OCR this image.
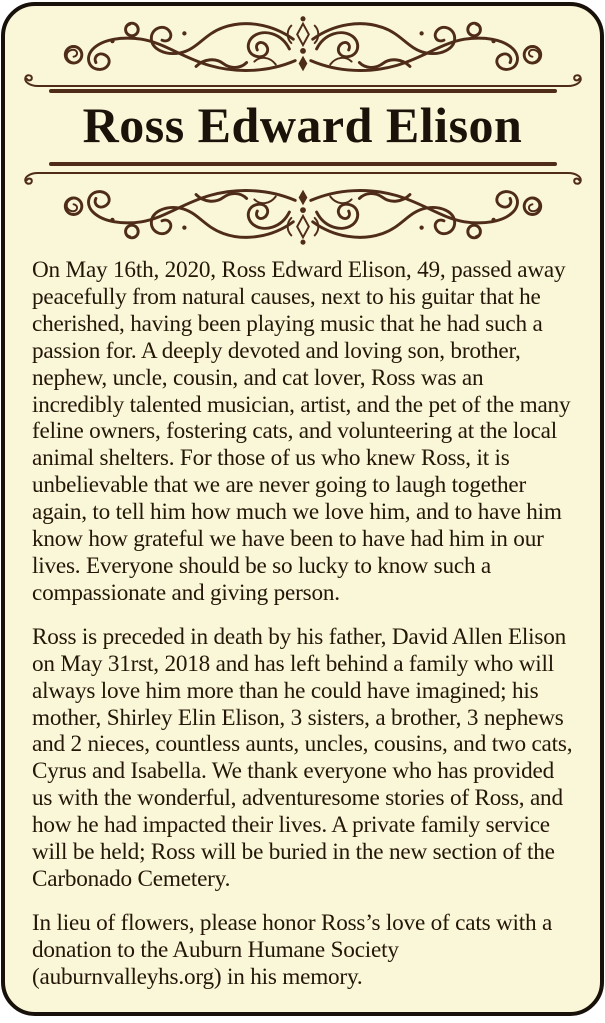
Ross Edward Elison

On May 16th, 2020, Ross Edward Elison, 49, passed away peacefully from natural causes, next to his guitar that he cherished, having been playing music that he had such a passion for. A deeply devoted and loving son, brother, nephew, uncle, cousin, and cat lover, Ross was an incredibly talented musician, artist, and the pet of the many feline owners, fostering cats, and volunteering at the local animal shelters. For those of us who knew Ross, it is unbelievable that we are never going to laugh together again, to tell him how much we love him, and to have him know how grateful we have been to have had him in our lives. Everyone should be so lucky to know such a compassionate and giving person.

Ross is preceded in death by his father, David Allen Elison on May 31rst, 2018 and has left behind a family who will always love him more than he could have imagined; his mother, Shirley Elin Elison, 3 sisters, a brother, 3 nephews and 2 nieces, countless aunts, uncles, cousins, and two cats, Cyrus and Isabella. We thank everyone who has provided us with the wonderful, adventuresome stories of Ross, and how he had impacted their lives. A private family service will be held; Ross will be buried in the new section of the Carbonado Cemetery.

In lieu of flowers, please honor Ross’s love of cats with a donation to the Auburn Humane Society (auburnvalleyhs.org) in his memory.
